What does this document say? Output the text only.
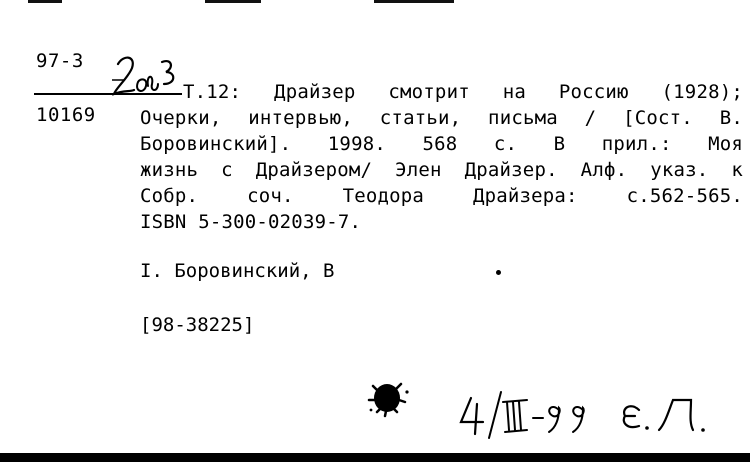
97-3
10169
Т.12: Драйзер смотрит на Россию (1928);
Очерки, интервью, статьи, письма / [Сост. В.
Боровинский]. 1998. 568 с. В прил.: Моя
жизнь с Драйзером/ Элен Драйзер. Алф. указ. к
Собр. соч. Теодора Драйзера: с.562-565.
ISBN 5-300-02039-7.
I. Боровинский, В
[98-38225]
